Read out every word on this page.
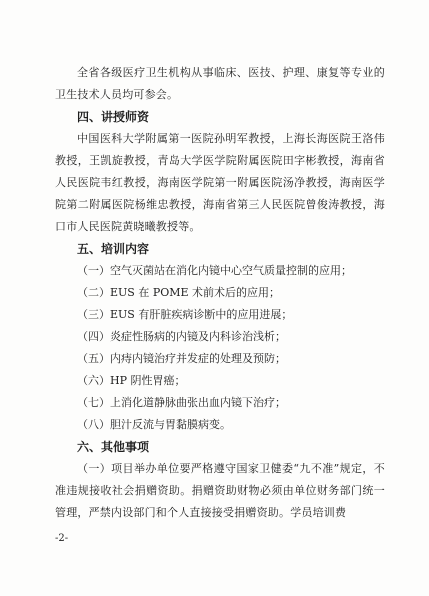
全省各级医疗卫生机构从事临床、医技、护理、康复等专业的卫生技术人员均可参会。

四、讲授师资

中国医科大学附属第一医院孙明军教授，上海长海医院王洛伟教授，王凯旋教授，青岛大学医学院附属医院田字彬教授，海南省人民医院韦红教授，海南医学院第一附属医院汤净教授，海南医学院第二附属医院杨维忠教授，海南省第三人民医院曾俊涛教授，海口市人民医院黄晓曦教授等。

五、培训内容

（一）空气灭菌站在消化内镜中心空气质量控制的应用；

（二）EUS 在 POME 术前术后的应用；

（三）EUS 有肝脏疾病诊断中的应用进展；

（四）炎症性肠病的内镜及内科诊治浅析；

（五）内痔内镜治疗并发症的处理及预防；

（六）HP 阴性胃癌；

（七）上消化道静脉曲张出血内镜下治疗；

（八）胆汁反流与胃黏膜病变。

六、其他事项

（一）项目举办单位要严格遵守国家卫健委“九不准”规定，不准违规接收社会捐赠资助。捐赠资助财物必须由单位财务部门统一管理，严禁内设部门和个人直接接受捐赠资助。学员培训费

-2-
